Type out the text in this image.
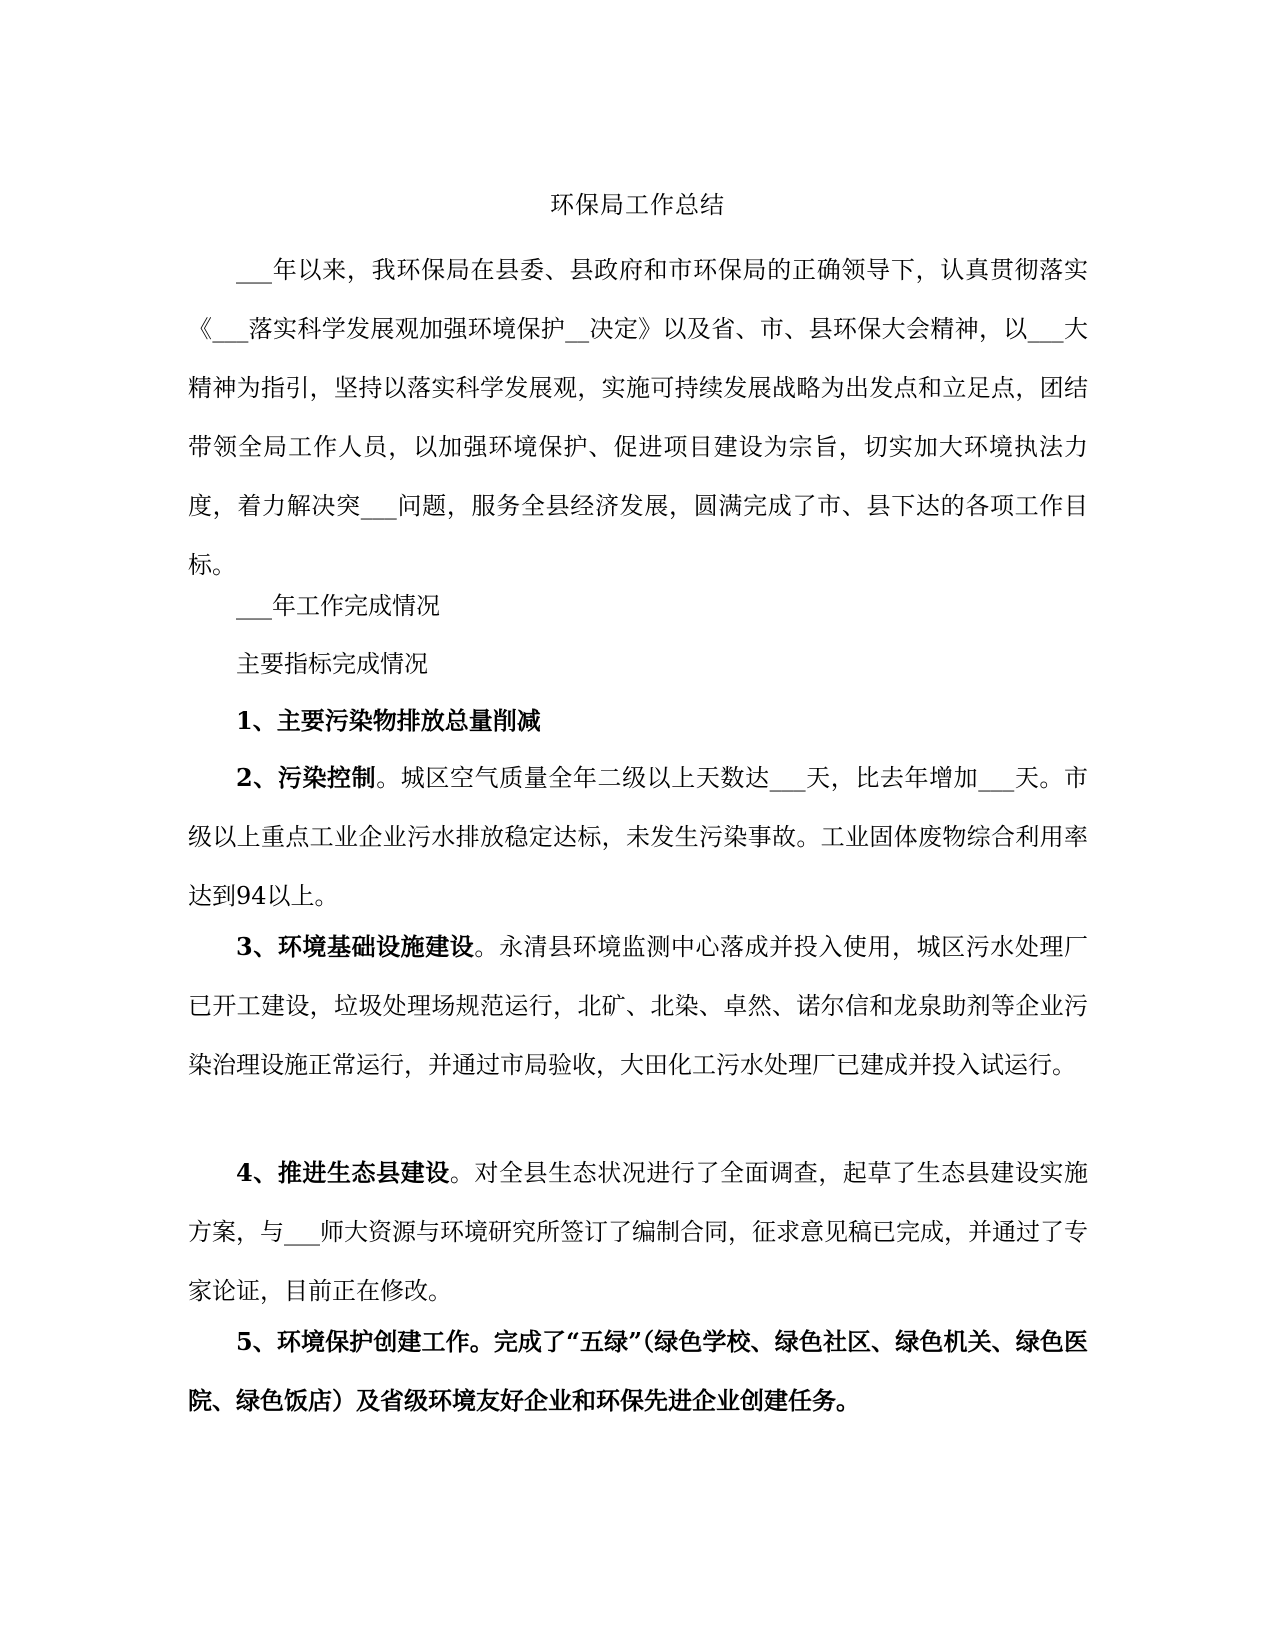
环保局工作总结

___年以来，我环保局在县委、县政府和市环保局的正确领导下，认真贯彻落实《___落实科学发展观加强环境保护__决定》以及省、市、县环保大会精神，以___大精神为指引，坚持以落实科学发展观，实施可持续发展战略为出发点和立足点，团结带领全局工作人员，以加强环境保护、促进项目建设为宗旨，切实加大环境执法力度，着力解决突___问题，服务全县经济发展，圆满完成了市、县下达的各项工作目标。

___年工作完成情况

主要指标完成情况

1、主要污染物排放总量削减

2、污染控制。城区空气质量全年二级以上天数达___天，比去年增加___天。市级以上重点工业企业污水排放稳定达标，未发生污染事故。工业固体废物综合利用率达到94以上。

3、环境基础设施建设。永清县环境监测中心落成并投入使用，城区污水处理厂已开工建设，垃圾处理场规范运行，北矿、北染、卓然、诺尔信和龙泉助剂等企业污染治理设施正常运行，并通过市局验收，大田化工污水处理厂已建成并投入试运行。

4、推进生态县建设。对全县生态状况进行了全面调查，起草了生态县建设实施方案，与___师大资源与环境研究所签订了编制合同，征求意见稿已完成，并通过了专家论证，目前正在修改。

5、环境保护创建工作。完成了“五绿”（绿色学校、绿色社区、绿色机关、绿色医院、绿色饭店）及省级环境友好企业和环保先进企业创建任务。
